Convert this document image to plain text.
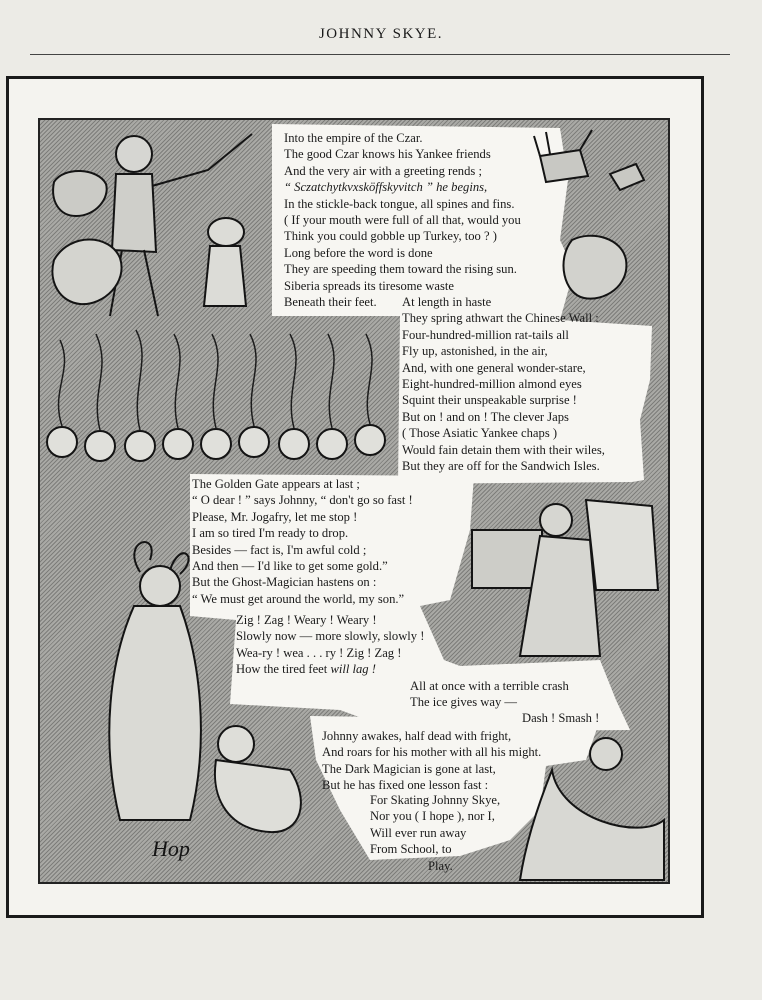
JOHNNY SKYE.
Hop
Into the empire of the Czar.
The good Czar knows his Yankee friends
And the very air with a greeting rends ;
“ Sczatchytkvxsköffskyvitch ” he begins,
In the stickle-back tongue, all spines and fins.
( If your mouth were full of all that, would you
Think you could gobble up Turkey, too ? )
Long before the word is done
They are speeding them toward the rising sun.
Siberia spreads its tiresome waste
Beneath their feet.	At length in haste
They spring athwart the Chinese Wall :
Four-hundred-million rat-tails all
Fly up, astonished, in the air,
And, with one general wonder-stare,
Eight-hundred-million almond eyes
Squint their unspeakable surprise !
But on ! and on ! The clever Japs
( Those Asiatic Yankee chaps )
Would fain detain them with their wiles,
But they are off for the Sandwich Isles.
The Golden Gate appears at last ;
“ O dear ! ” says Johnny, “ don't go so fast !
Please, Mr. Jogafry, let me stop !
I am so tired I'm ready to drop.
Besides — fact is, I'm awful cold ;
And then — I'd like to get some gold.”
But the Ghost-Magician hastens on :
“ We must get around the world, my son.”
Zig ! Zag ! Weary ! Weary !
Slowly now — more slowly, slowly !
Wea-ry ! wea . . . ry ! Zig ! Zag !
How the tired feet will lag !
All at once with a terrible crash
The ice gives way —
Dash ! Smash !
Johnny awakes, half dead with fright,
And roars for his mother with all his might.
The Dark Magician is gone at last,
But he has fixed one lesson fast :
For Skating Johnny Skye,
Nor you ( I hope ), nor I,
Will ever run away
From School, to
Play.
